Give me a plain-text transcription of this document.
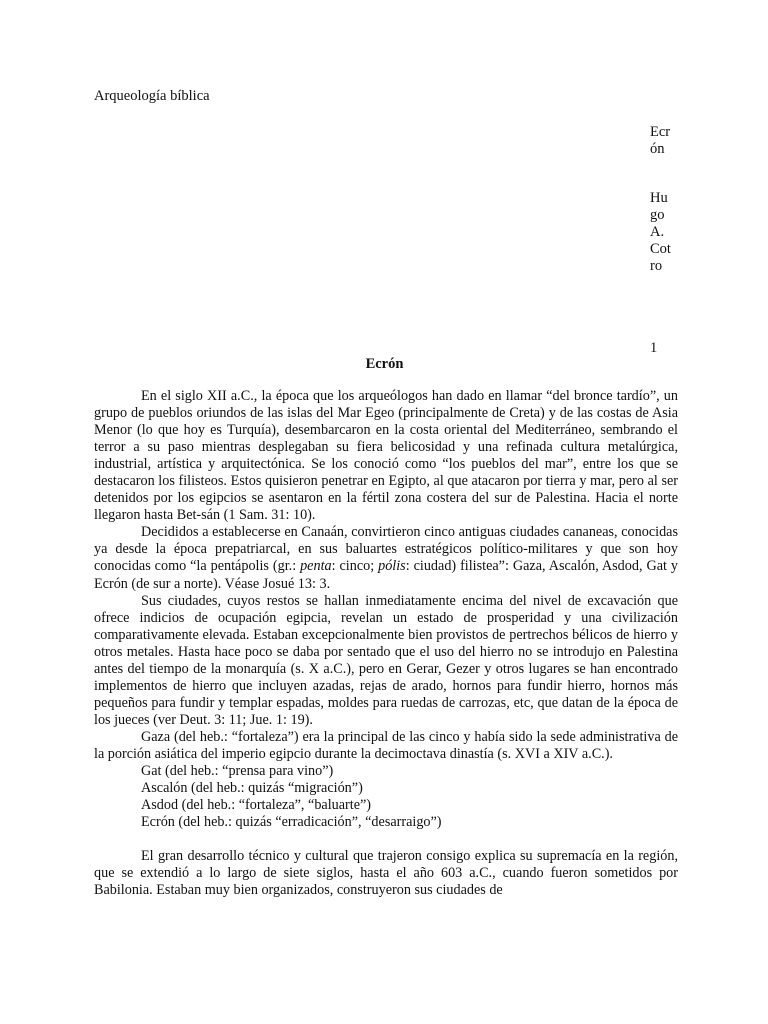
Arqueología bíblica
Ecr
ón
Hu
go
A.
Cot
ro
1
Ecrón

En el siglo XII a.C., la época que los arqueólogos han dado en llamar “del bronce tardío”, un grupo de pueblos oriundos de las islas del Mar Egeo (principalmente de Creta) y de las costas de Asia Menor (lo que hoy es Turquía), desembarcaron en la costa oriental del Mediterráneo, sembrando el terror a su paso mientras desplegaban su fiera belicosidad y una refinada cultura metalúrgica, industrial, artística y arquitectónica. Se los conoció como “los pueblos del mar”, entre los que se destacaron los filisteos. Estos quisieron penetrar en Egipto, al que atacaron por tierra y mar, pero al ser detenidos por los egipcios se asentaron en la fértil zona costera del sur de Palestina. Hacia el norte llegaron hasta Bet-sán (1 Sam. 31: 10).

Decididos a establecerse en Canaán, convirtieron cinco antiguas ciudades cananeas, conocidas ya desde la época prepatriarcal, en sus baluartes estratégicos político-militares y que son hoy conocidas como “la pentápolis (gr.: penta: cinco; pólis: ciudad) filistea”: Gaza, Ascalón, Asdod, Gat y Ecrón (de sur a norte). Véase Josué 13: 3.

Sus ciudades, cuyos restos se hallan inmediatamente encima del nivel de excavación que ofrece indicios de ocupación egipcia, revelan un estado de prosperidad y una civilización comparativamente elevada. Estaban excepcionalmente bien provistos de pertrechos bélicos de hierro y otros metales. Hasta hace poco se daba por sentado que el uso del hierro no se introdujo en Palestina antes del tiempo de la monarquía (s. X a.C.), pero en Gerar, Gezer y otros lugares se han encontrado implementos de hierro que incluyen azadas, rejas de arado, hornos para fundir hierro, hornos más pequeños para fundir y templar espadas, moldes para ruedas de carrozas, etc, que datan de la época de los jueces (ver Deut. 3: 11; Jue. 1: 19).

Gaza (del heb.: “fortaleza”) era la principal de las cinco y había sido la sede administrativa de la porción asiática del imperio egipcio durante la decimoctava dinastía (s. XVI a XIV a.C.).

Gat (del heb.: “prensa para vino”)

Ascalón (del heb.: quizás “migración”)

Asdod (del heb.: “fortaleza”, “baluarte”)

Ecrón (del heb.: quizás “erradicación”, “desarraigo”)

El gran desarrollo técnico y cultural que trajeron consigo explica su supremacía en la región, que se extendió a lo largo de siete siglos, hasta el año 603 a.C., cuando fueron sometidos por Babilonia. Estaban muy bien organizados, construyeron sus ciudades de
